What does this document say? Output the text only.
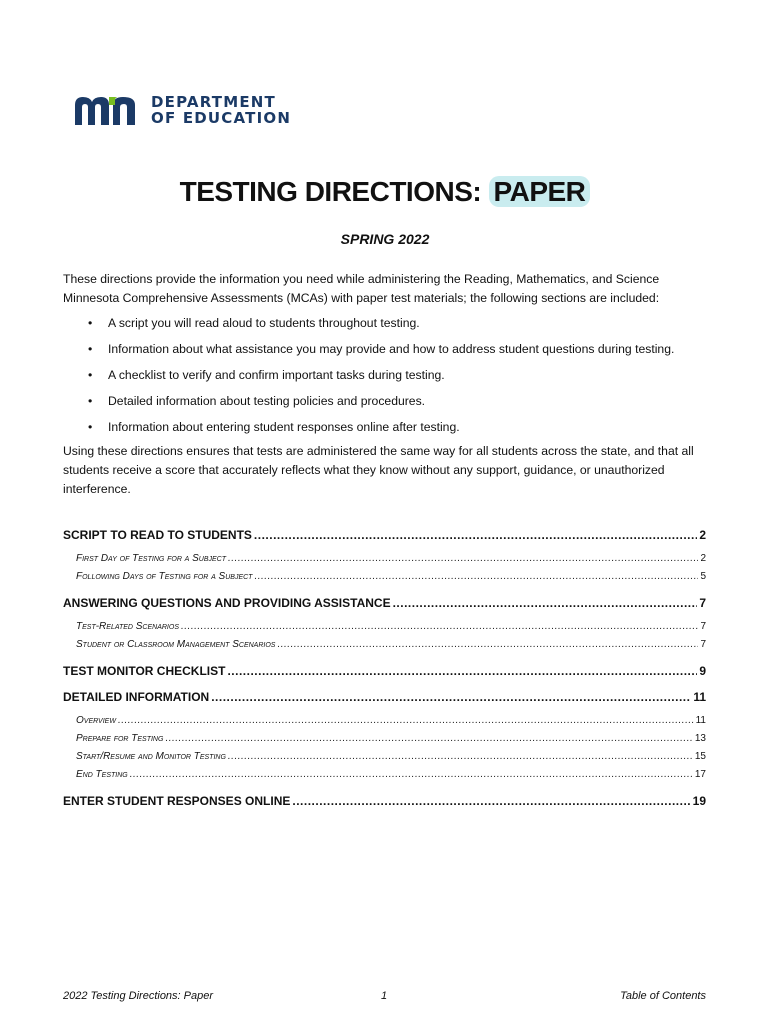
DEPARTMENT
OF EDUCATION
TESTING DIRECTIONS: PAPER
SPRING 2022
These directions provide the information you need while administering the Reading, Mathematics, and Science Minnesota Comprehensive Assessments (MCAs) with paper test materials; the following sections are included:
• A script you will read aloud to students throughout testing.
• Information about what assistance you may provide and how to address student questions during testing.
• A checklist to verify and confirm important tasks during testing.
• Detailed information about testing policies and procedures.
• Information about entering student responses online after testing.
Using these directions ensures that tests are administered the same way for all students across the state, and that all students receive a score that accurately reflects what they know without any support, guidance, or unauthorized interference.
SCRIPT TO READ TO STUDENTS .....	2
First Day of Testing for a Subject .....	2
Following Days of Testing for a Subject .....	5
ANSWERING QUESTIONS AND PROVIDING ASSISTANCE .....	7
Test-Related Scenarios .....	7
Student or Classroom Management Scenarios .....	7
TEST MONITOR CHECKLIST .....	9
DETAILED INFORMATION .....	11
Overview .....	11
Prepare for Testing .....	13
Start/Resume and Monitor Testing .....	15
End Testing .....	17
ENTER STUDENT RESPONSES ONLINE .....	19
2022 Testing Directions: Paper	1	Table of Contents
